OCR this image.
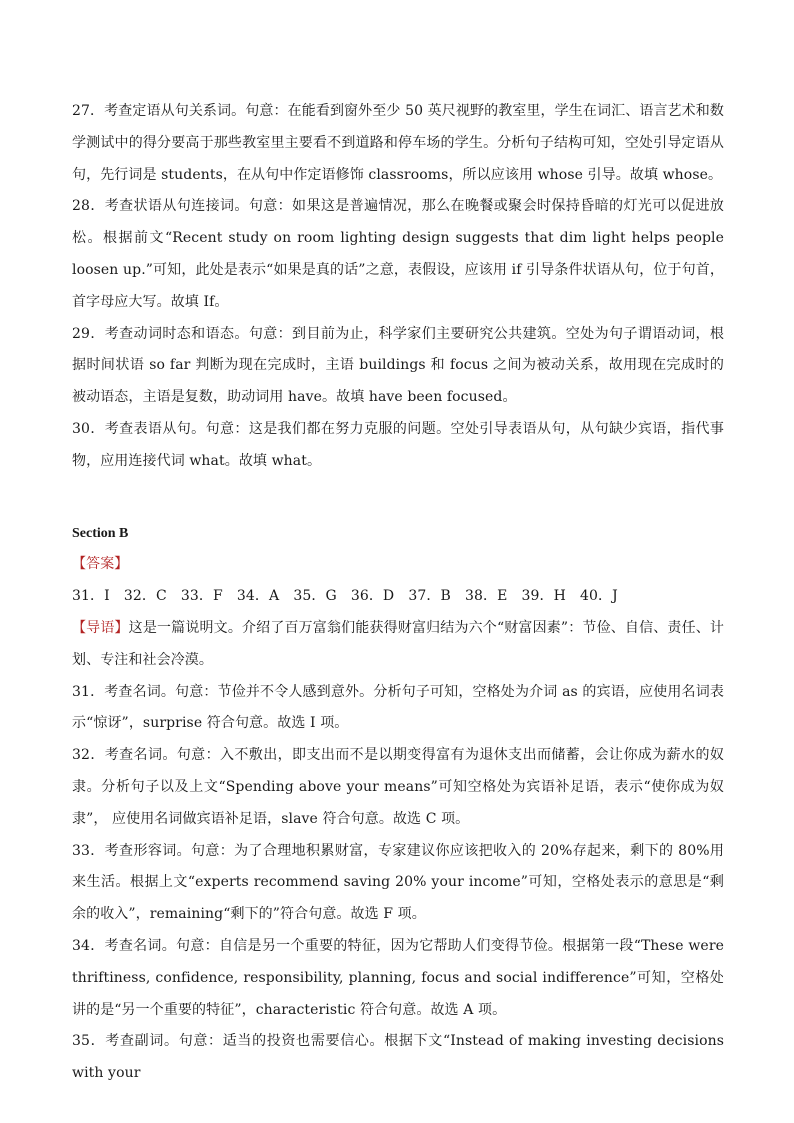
27．考查定语从句关系词。句意：在能看到窗外至少 50 英尺视野的教室里，学生在词汇、语言艺术和数学测试中的得分要高于那些教室里主要看不到道路和停车场的学生。分析句子结构可知，空处引导定语从句，先行词是 students，在从句中作定语修饰 classrooms，所以应该用 whose 引导。故填 whose。

28．考查状语从句连接词。句意：如果这是普遍情况，那么在晚餐或聚会时保持昏暗的灯光可以促进放松。根据前文“Recent study on room lighting design suggests that dim light helps people loosen up.”可知，此处是表示“如果是真的话”之意，表假设，应该用 if 引导条件状语从句，位于句首，首字母应大写。故填 If。

29．考查动词时态和语态。句意：到目前为止，科学家们主要研究公共建筑。空处为句子谓语动词，根据时间状语 so far 判断为现在完成时，主语 buildings 和 focus 之间为被动关系，故用现在完成时的被动语态，主语是复数，助动词用 have。故填 have been focused。

30．考查表语从句。句意：这是我们都在努力克服的问题。空处引导表语从句，从句缺少宾语，指代事物，应用连接代词 what。故填 what。

Section B

【答案】

31．I　32．C　33．F　34．A　35．G　36．D　37．B　38．E　39．H　40．J

【导语】这是一篇说明文。介绍了百万富翁们能获得财富归结为六个“财富因素”：节俭、自信、责任、计划、专注和社会冷漠。

31．考查名词。句意：节俭并不令人感到意外。分析句子可知，空格处为介词 as 的宾语，应使用名词表示“惊讶”，surprise 符合句意。故选 I 项。

32．考查名词。句意：入不敷出，即支出而不是以期变得富有为退休支出而储蓄，会让你成为薪水的奴隶。分析句子以及上文“Spending above your means”可知空格处为宾语补足语，表示“使你成为奴隶”， 应使用名词做宾语补足语，slave 符合句意。故选 C 项。

33．考查形容词。句意：为了合理地积累财富，专家建议你应该把收入的 20%存起来，剩下的 80%用来生活。根据上文“experts recommend saving 20% your income”可知，空格处表示的意思是“剩余的收入”，remaining“剩下的”符合句意。故选 F 项。

34．考查名词。句意：自信是另一个重要的特征，因为它帮助人们变得节俭。根据第一段“These were thriftiness, confidence, responsibility, planning, focus and social indifference”可知，空格处讲的是“另一个重要的特征”，characteristic 符合句意。故选 A 项。

35．考查副词。句意：适当的投资也需要信心。根据下文“Instead of making investing decisions with your
